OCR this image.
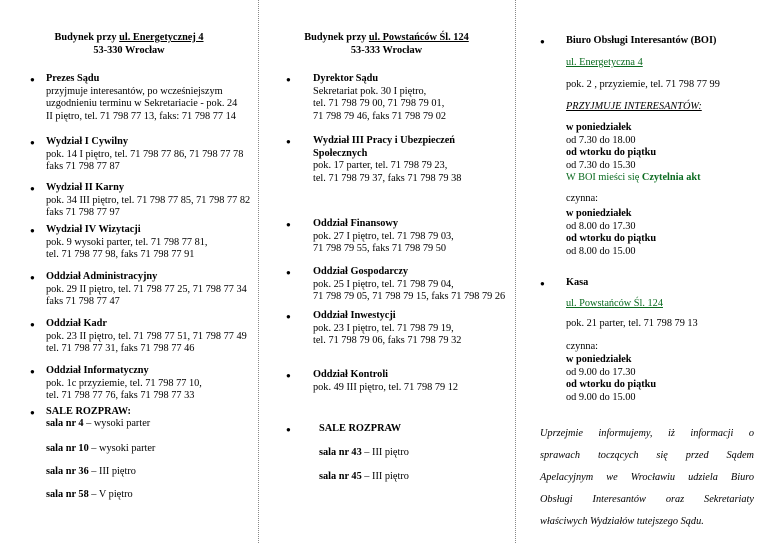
Budynek przy ul. Energetycznej 4
53-330 Wrocław
● Prezes Sądu
przyjmuje interesantów, po wcześniejszym
uzgodnieniu terminu w Sekretariacie - pok. 24
II piętro, tel. 71 798 77 13, faks: 71 798 77 14
● Wydział I Cywilny
pok. 14 I piętro, tel. 71 798 77 86, 71 798 77 78
faks 71 798 77 87
● Wydział II Karny
pok. 34 III piętro, tel. 71 798 77 85, 71 798 77 82
faks 71 798 77 97
● Wydział IV Wizytacji
pok. 9 wysoki parter, tel. 71 798 77 81,
tel. 71 798 77 98, faks 71 798 77 91
● Oddział Administracyjny
pok. 29 II piętro, tel. 71 798 77 25, 71 798 77 34
faks 71 798 77 47
● Oddział Kadr
pok. 23 II piętro, tel. 71 798 77 51, 71 798 77 49
tel. 71 798 77 31, faks 71 798 77 46
● Oddział Informatyczny
pok. 1c przyziemie, tel. 71 798 77 10,
tel. 71 798 77 76, faks 71 798 77 33
● SALE ROZPRAW:
sala nr 4 – wysoki parter
sala nr 10 – wysoki parter
sala nr 36 – III piętro
sala nr 58 – V piętro
Budynek przy ul. Powstańców Śl. 124
53-333 Wrocław
● Dyrektor Sądu
Sekretariat pok. 30 I piętro,
tel. 71 798 79 00, 71 798 79 01,
71 798 79 46, faks 71 798 79 02
● Wydział III Pracy i Ubezpieczeń
Społecznych
pok. 17 parter, tel. 71 798 79 23,
tel. 71 798 79 37, faks 71 798 79 38
● Oddział Finansowy
pok. 27 I piętro, tel. 71 798 79 03,
71 798 79 55, faks 71 798 79 50
● Oddział Gospodarczy
pok. 25 I piętro, tel. 71 798 79 04,
71 798 79 05, 71 798 79 15, faks 71 798 79 26
● Oddział Inwestycji
pok. 23 I piętro, tel. 71 798 79 19,
tel. 71 798 79 06, faks 71 798 79 32
● Oddział Kontroli
pok. 49 III piętro, tel. 71 798 79 12
●	SALE ROZPRAW
sala nr 43 – III piętro
sala nr 45 – III piętro
● Biuro Obsługi Interesantów (BOI)
ul. Energetyczna 4
pok. 2 , przyziemie, tel. 71 798 77 99
PRZYJMUJE INTERESANTÓW:
w poniedziałek
od 7.30 do 18.00
od wtorku do piątku
od 7.30 do 15.30
W BOI mieści się Czytelnia akt
czynna:
w poniedziałek
od 8.00 do 17.30
od wtorku do piątku
od 8.00 do 15.00
● Kasa
ul. Powstańców Śl. 124
pok. 21 parter, tel. 71 798 79 13
czynna:
w poniedziałek
od 9.00 do 17.30
od wtorku do piątku
od 9.00 do 15.00
Uprzejmie informujemy, iż informacji o
sprawach toczących się przed Sądem
Apelacyjnym we Wrocławiu udziela Biuro
Obsługi Interesantów oraz Sekretariaty
właściwych Wydziałów tutejszego Sądu.
